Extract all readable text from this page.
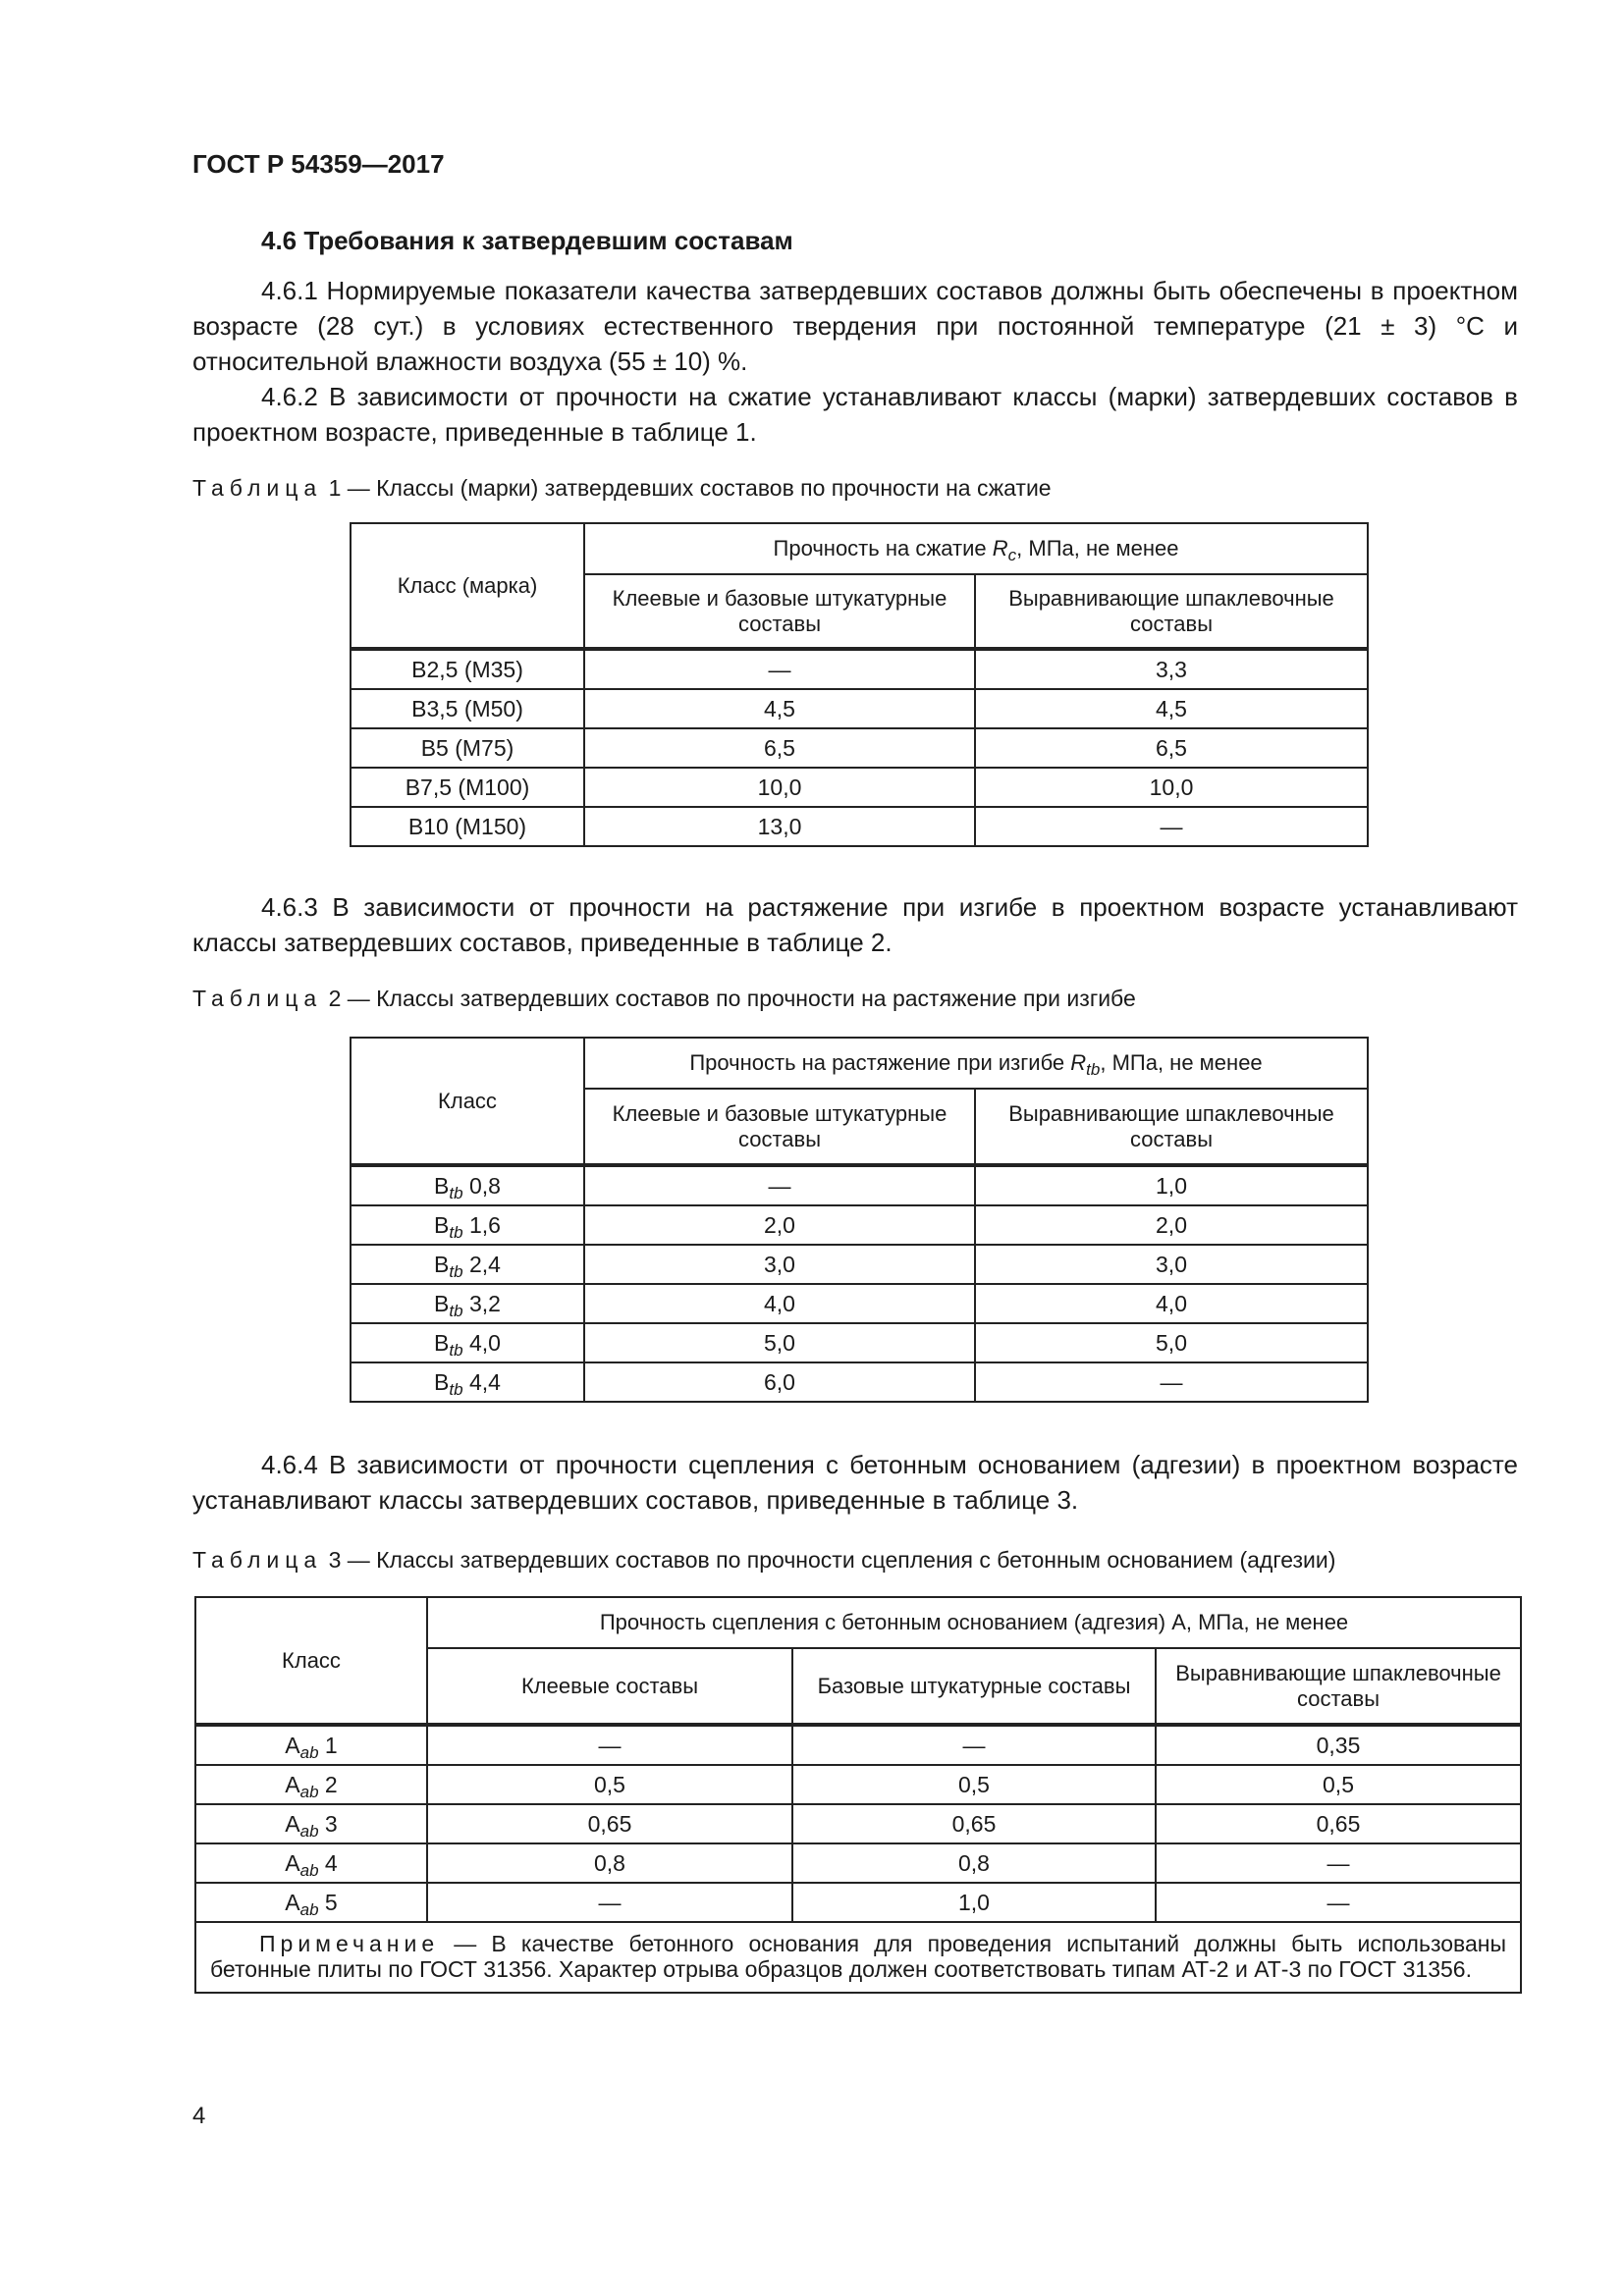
ГОСТ Р 54359—2017
4.6 Требования к затвердевшим составам
4.6.1 Нормируемые показатели качества затвердевших составов должны быть обеспечены в проектном возрасте (28 сут.) в условиях естественного твердения при постоянной температуре (21 ± 3) °С и относительной влажности воздуха (55 ± 10) %.
4.6.2 В зависимости от прочности на сжатие устанавливают классы (марки) затвердевших составов в проектном возрасте, приведенные в таблице 1.
Таблица 1 — Классы (марки) затвердевших составов по прочности на сжатие
Класс (марка)	Прочность на сжатие $R_c$, МПа, не менее	
	Клеевые и базовые штукатурные составы	Выравнивающие шпаклевочные составы
В2,5 (М35)	—	3,3
В3,5 (М50)	4,5	4,5
В5 (М75)	6,5	6,5
В7,5 (М100)	10,0	10,0
В10 (М150)	13,0	—
4.6.3 В зависимости от прочности на растяжение при изгибе в проектном возрасте устанавливают классы затвердевших составов, приведенные в таблице 2.
Таблица 2 — Классы затвердевших составов по прочности на растяжение при изгибе
Класс	Прочность на растяжение при изгибе $R_{tb}$, МПа, не менее	
	Клеевые и базовые штукатурные составы	Выравнивающие шпаклевочные составы
$B_{tb}$ 0,8	—	1,0
$B_{tb}$ 1,6	2,0	2,0
$B_{tb}$ 2,4	3,0	3,0
$B_{tb}$ 3,2	4,0	4,0
$B_{tb}$ 4,0	5,0	5,0
$B_{tb}$ 4,4	6,0	—
4.6.4 В зависимости от прочности сцепления с бетонным основанием (адгезии) в проектном возрасте устанавливают классы затвердевших составов, приведенные в таблице 3.
Таблица 3 — Классы затвердевших составов по прочности сцепления с бетонным основанием (адгезии)
Класс	Прочность сцепления с бетонным основанием (адгезия) А, МПа, не менее		
	Клеевые составы	Базовые штукатурные составы	Выравнивающие шпаклевочные составы
$A_{ab}$ 1	—	—	0,35
$A_{ab}$ 2	0,5	0,5	0,5
$A_{ab}$ 3	0,65	0,65	0,65
$A_{ab}$ 4	0,8	0,8	—
$A_{ab}$ 5	—	1,0	—
Примечание — В качестве бетонного основания для проведения испытаний должны быть использованы бетонные плиты по ГОСТ 31356. Характер отрыва образцов должен соответствовать типам АТ-2 и АТ-3 по ГОСТ 31356.			
4
